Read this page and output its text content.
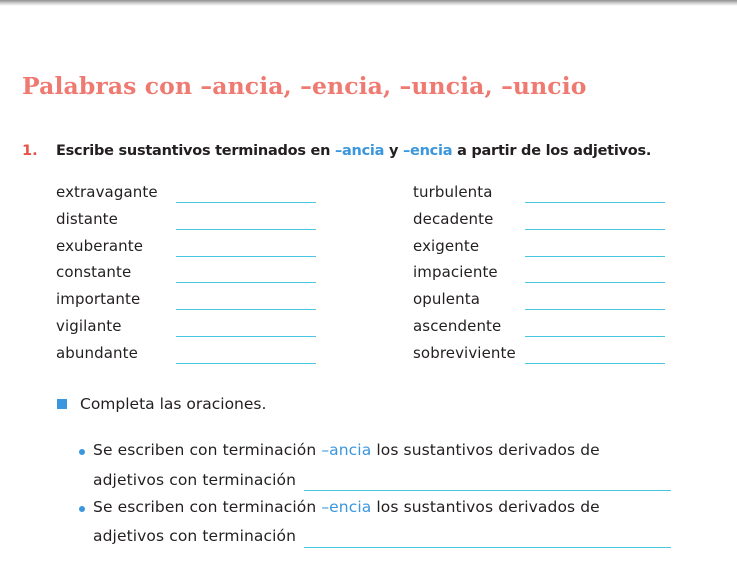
Palabras con –ancia, –encia, –uncia, –uncio
1. Escribe sustantivos terminados en –ancia y –encia a partir de los adjetivos.
extravagante	turbulenta
distante	decadente
exuberante	exigente
constante	impaciente
importante	opulenta
vigilante	ascendente
abundante	sobreviviente
Completa las oraciones.
Se escriben con terminación –ancia los sustantivos derivados de
adjetivos con terminación
Se escriben con terminación –encia los sustantivos derivados de
adjetivos con terminación
